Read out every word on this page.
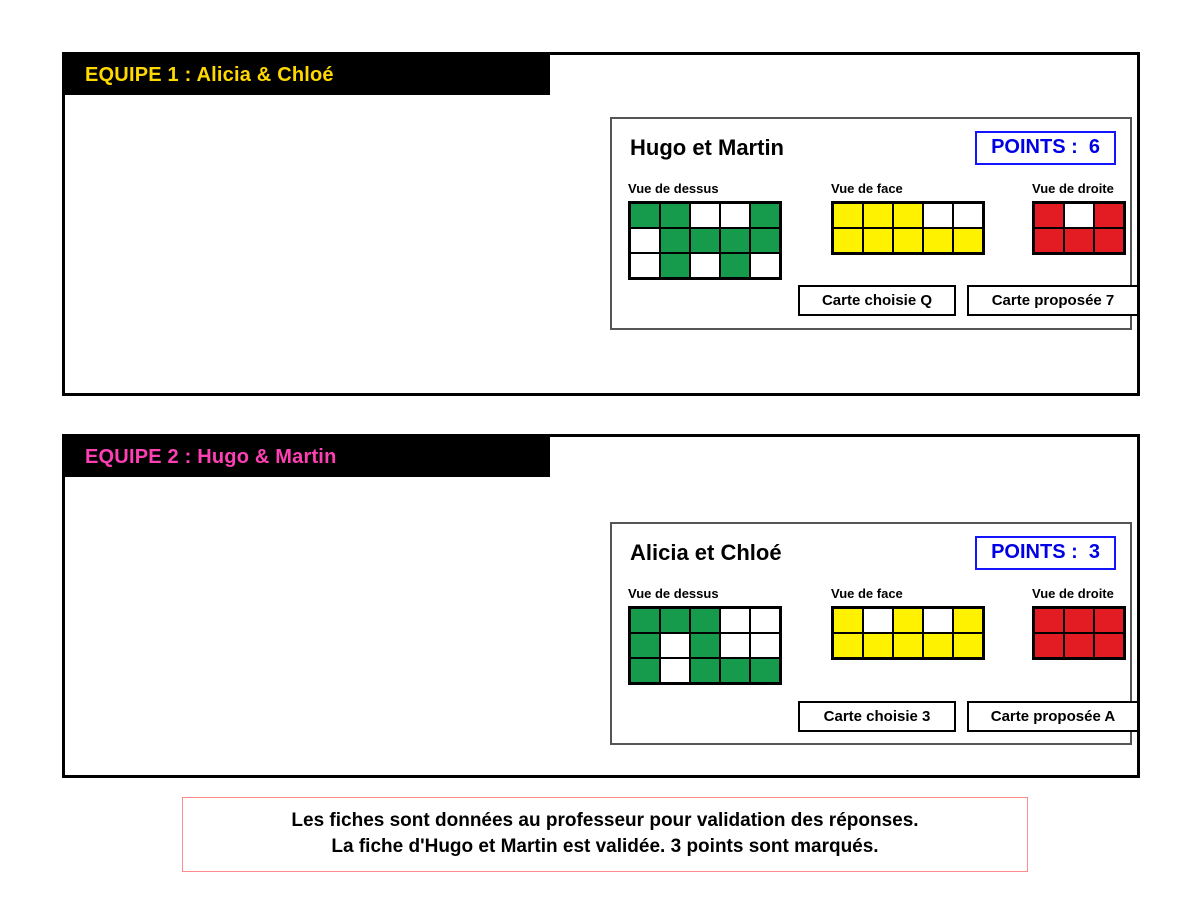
EQUIPE 1 : Alicia & Chloé
Hugo et Martin	POINTS :  6
Vue de dessus	Vue de face	Vue de droite
Carte choisie Q	Carte proposée 7
EQUIPE 2 : Hugo & Martin
Alicia et Chloé	POINTS :  3
Vue de dessus	Vue de face	Vue de droite
Carte choisie 3	Carte proposée A
Les fiches sont données au professeur pour validation des réponses.
La fiche d'Hugo et Martin est validée. 3 points sont marqués.
